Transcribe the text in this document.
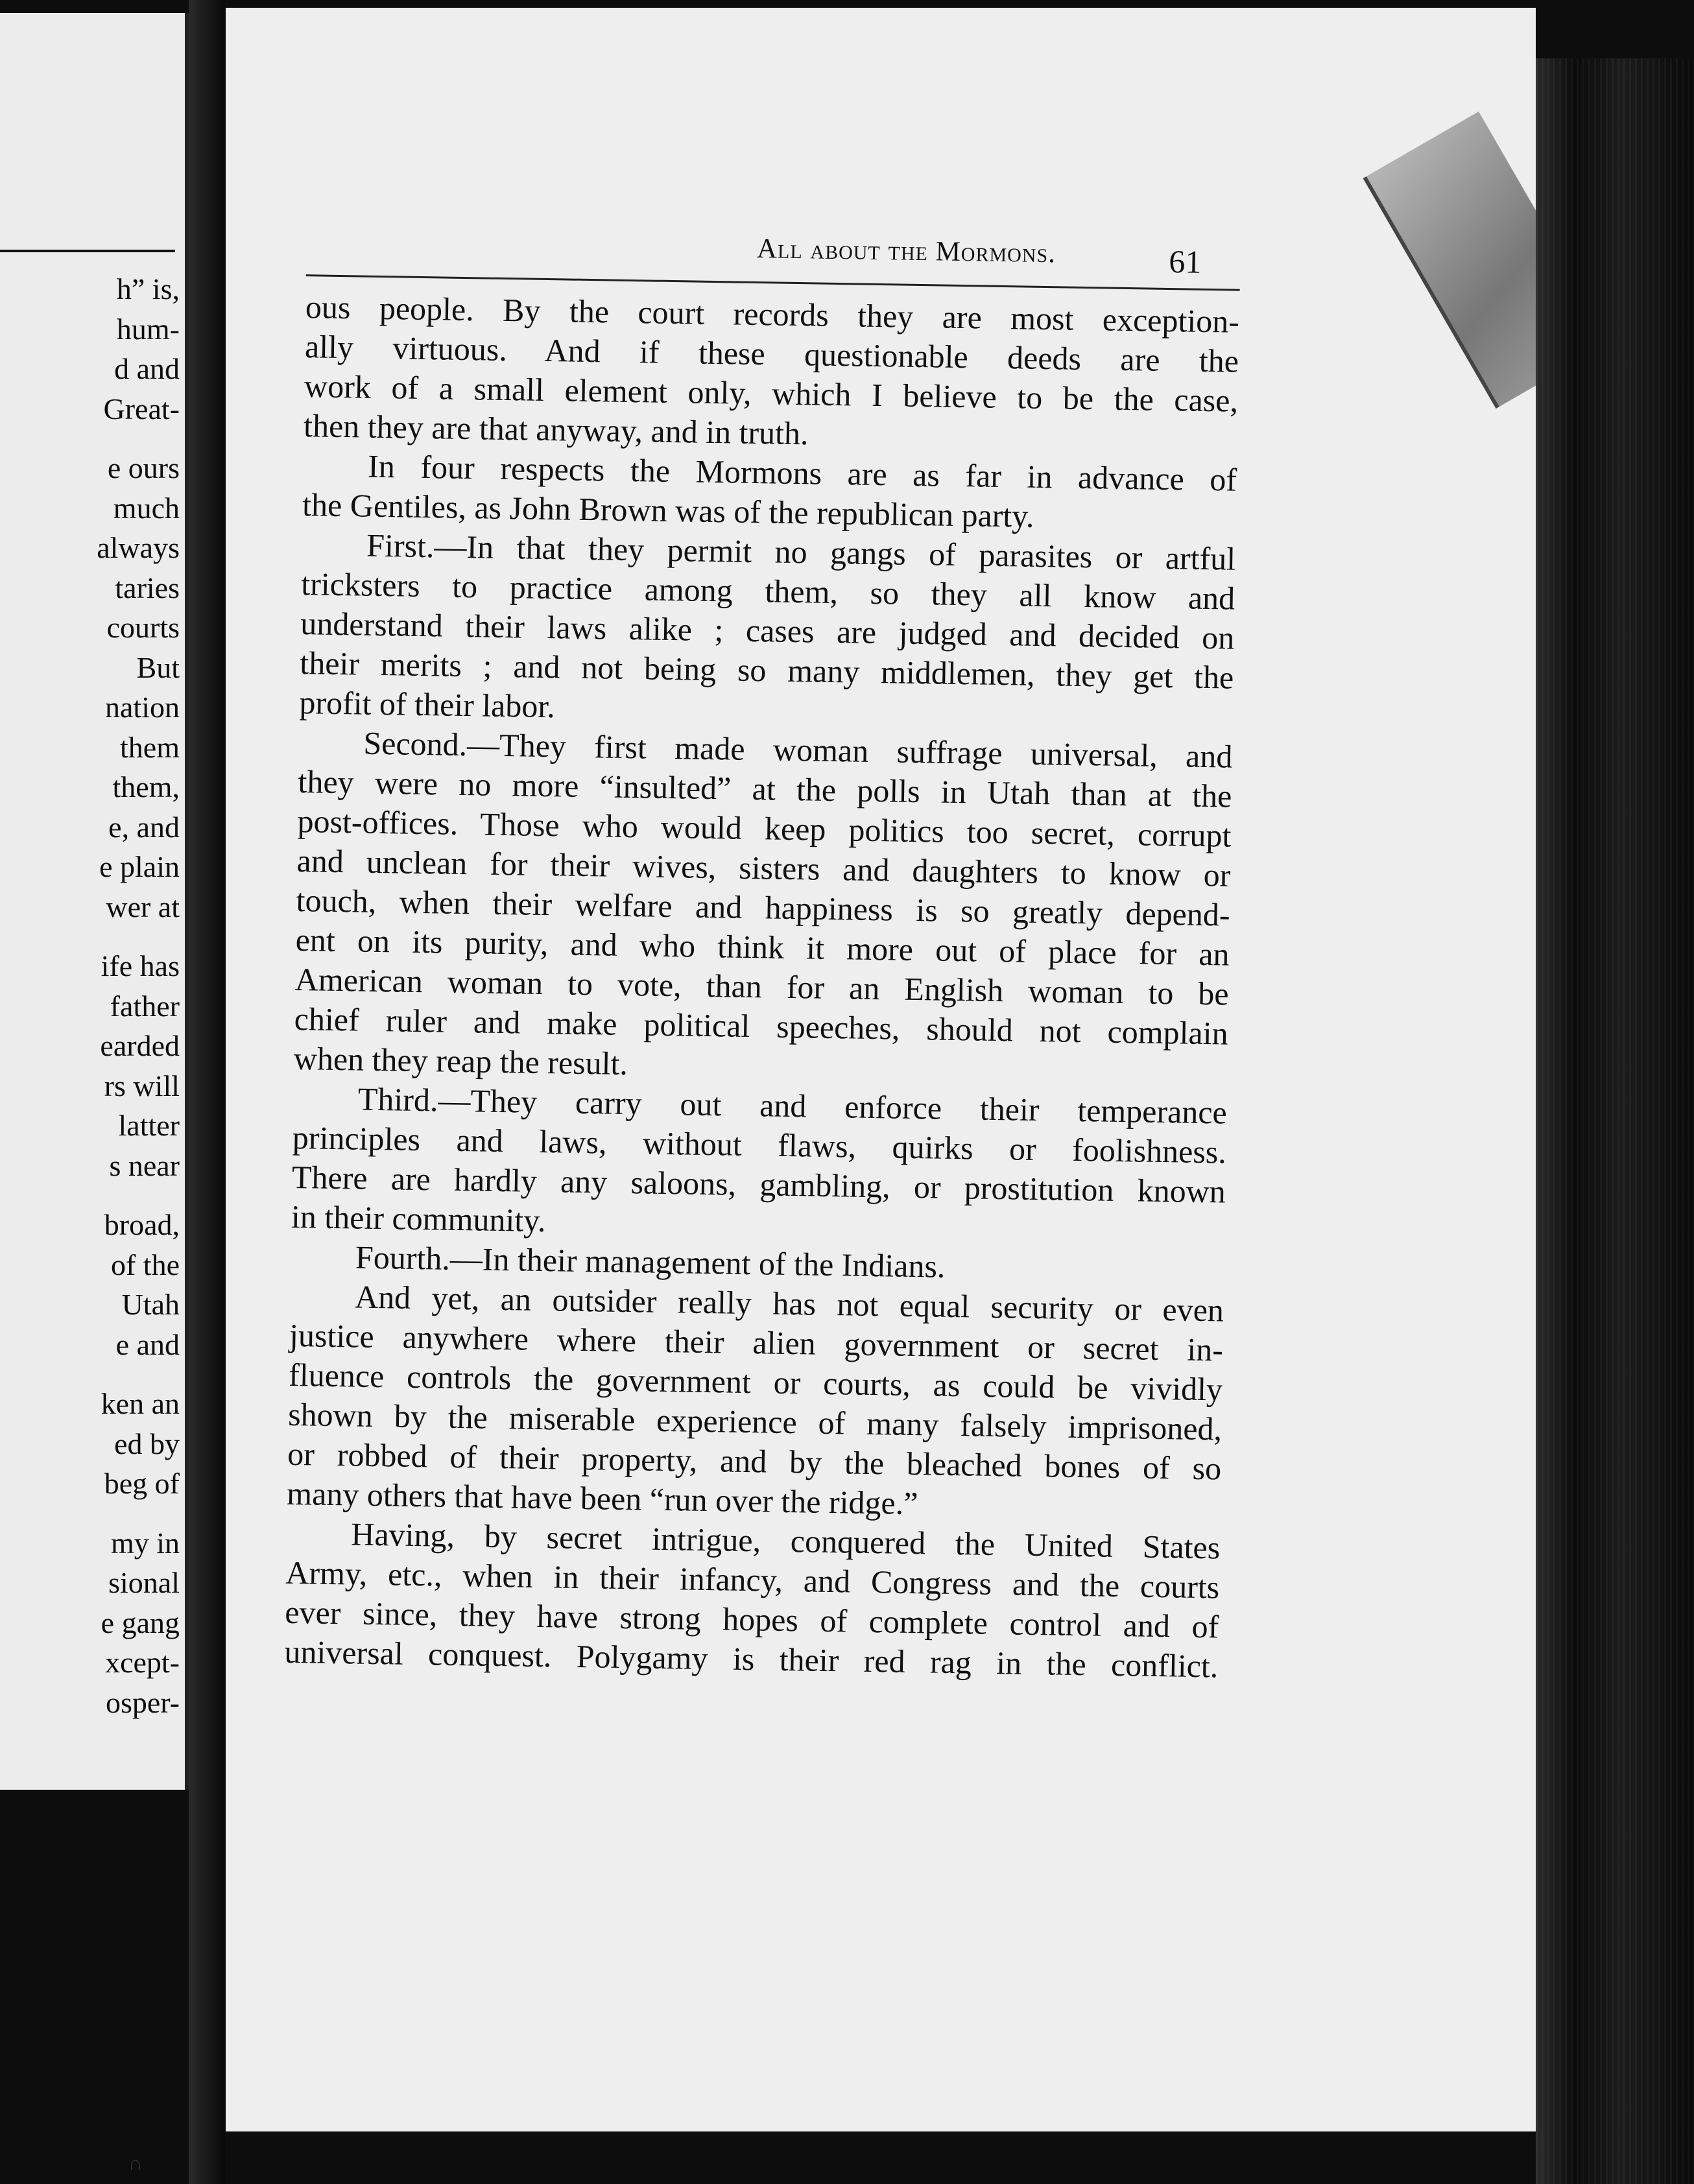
h” is,
hum-
d and
Great-
e ours
much
always
taries
courts
But
nation
them
them,
e, and
e plain
wer at
ife has
father
earded
rs will
latter
s near
broad,
of the
Utah
e and
ken an
ed by
beg of
my in
sional
e gang
xcept-
osper-
All about the Mormons.	61
ous people. By the court records they are most exception-
ally virtuous. And if these questionable deeds are the
work of a small element only, which I believe to be the case,
then they are that anyway, and in truth.
In four respects the Mormons are as far in advance of
the Gentiles, as John Brown was of the republican party.
First.—In that they permit no gangs of parasites or artful
tricksters to practice among them, so they all know and
understand their laws alike ; cases are judged and decided on
their merits ; and not being so many middlemen, they get the
profit of their labor.
Second.—They first made woman suffrage universal, and
they were no more “insulted” at the polls in Utah than at the
post-offices. Those who would keep politics too secret, corrupt
and unclean for their wives, sisters and daughters to know or
touch, when their welfare and happiness is so greatly depend-
ent on its purity, and who think it more out of place for an
American woman to vote, than for an English woman to be
chief ruler and make political speeches, should not complain
when they reap the result.
Third.—They carry out and enforce their temperance
principles and laws, without flaws, quirks or foolishness.
There are hardly any saloons, gambling, or prostitution known
in their community.
Fourth.—In their management of the Indians.
And yet, an outsider really has not equal security or even
justice anywhere where their alien government or secret in-
fluence controls the government or courts, as could be vividly
shown by the miserable experience of many falsely imprisoned,
or robbed of their property, and by the bleached bones of so
many others that have been “run over the ridge.”
Having, by secret intrigue, conquered the United States
Army, etc., when in their infancy, and Congress and the courts
ever since, they have strong hopes of complete control and of
universal conquest. Polygamy is their red rag in the conflict.
∩
